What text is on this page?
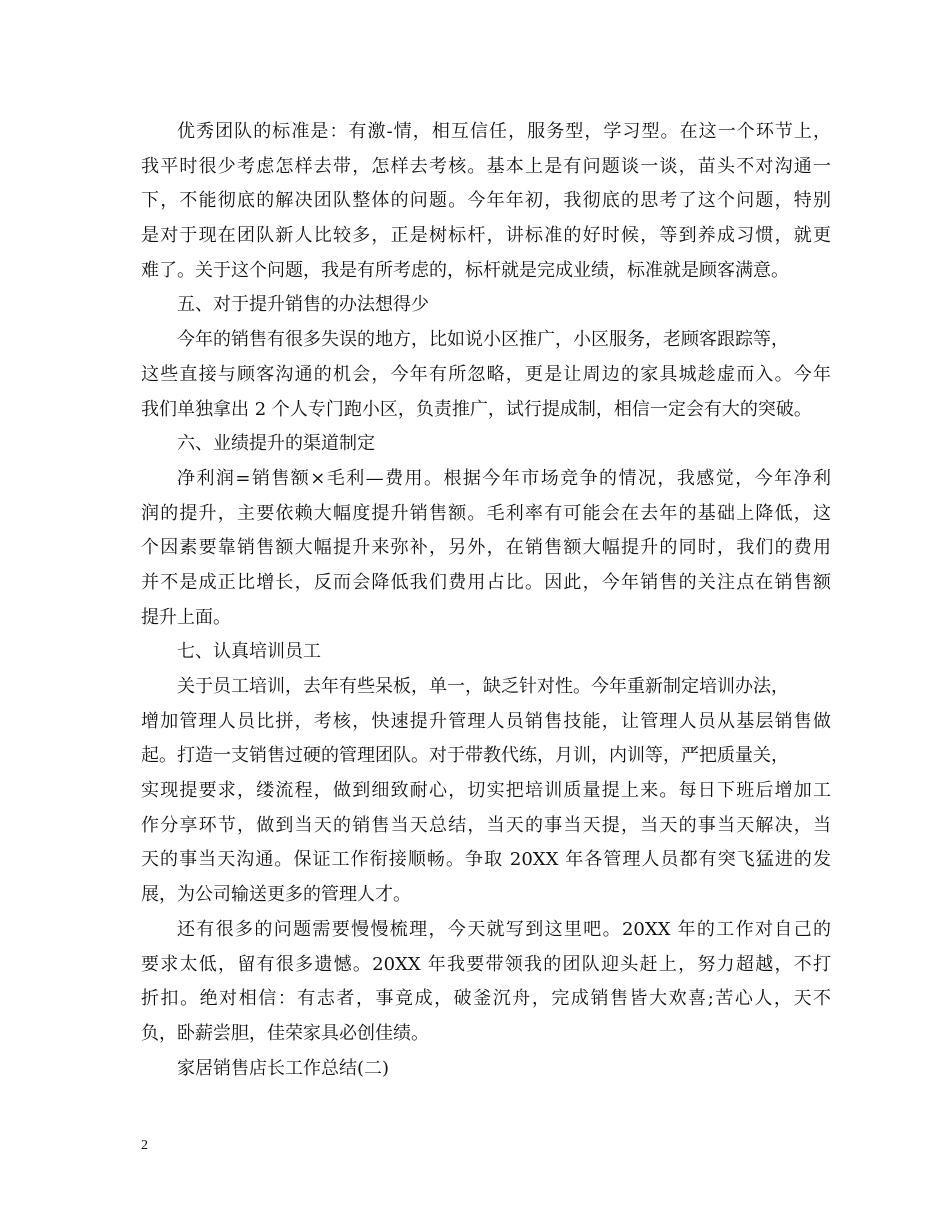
优秀团队的标准是：有激-情，相互信任，服务型，学习型。在这一个环节上，
我平时很少考虑怎样去带，怎样去考核。基本上是有问题谈一谈，苗头不对沟通一
下，不能彻底的解决团队整体的问题。今年年初，我彻底的思考了这个问题，特别
是对于现在团队新人比较多，正是树标杆，讲标准的好时候，等到养成习惯，就更
难了。关于这个问题，我是有所考虑的，标杆就是完成业绩，标准就是顾客满意。
五、对于提升销售的办法想得少
今年的销售有很多失误的地方，比如说小区推广，小区服务，老顾客跟踪等，
这些直接与顾客沟通的机会，今年有所忽略，更是让周边的家具城趁虚而入。今年
我们单独拿出 2 个人专门跑小区，负责推广，试行提成制，相信一定会有大的突破。
六、业绩提升的渠道制定
净利润=销售额×毛利—费用。根据今年市场竞争的情况，我感觉，今年净利
润的提升，主要依赖大幅度提升销售额。毛利率有可能会在去年的基础上降低，这
个因素要靠销售额大幅提升来弥补，另外，在销售额大幅提升的同时，我们的费用
并不是成正比增长，反而会降低我们费用占比。因此，今年销售的关注点在销售额
提升上面。
七、认真培训员工
关于员工培训，去年有些呆板，单一，缺乏针对性。今年重新制定培训办法，
增加管理人员比拼，考核，快速提升管理人员销售技能，让管理人员从基层销售做
起。打造一支销售过硬的管理团队。对于带教代练，月训，内训等，严把质量关，
实现提要求，缕流程，做到细致耐心，切实把培训质量提上来。每日下班后增加工
作分享环节，做到当天的销售当天总结，当天的事当天提，当天的事当天解决，当
天的事当天沟通。保证工作衔接顺畅。争取 20XX 年各管理人员都有突飞猛进的发
展，为公司输送更多的管理人才。
还有很多的问题需要慢慢梳理，今天就写到这里吧。20XX 年的工作对自己的
要求太低，留有很多遗憾。20XX 年我要带领我的团队迎头赶上，努力超越，不打
折扣。绝对相信：有志者，事竟成，破釜沉舟，完成销售皆大欢喜;苦心人，天不
负，卧薪尝胆，佳荣家具必创佳绩。
家居销售店长工作总结(二)
2
